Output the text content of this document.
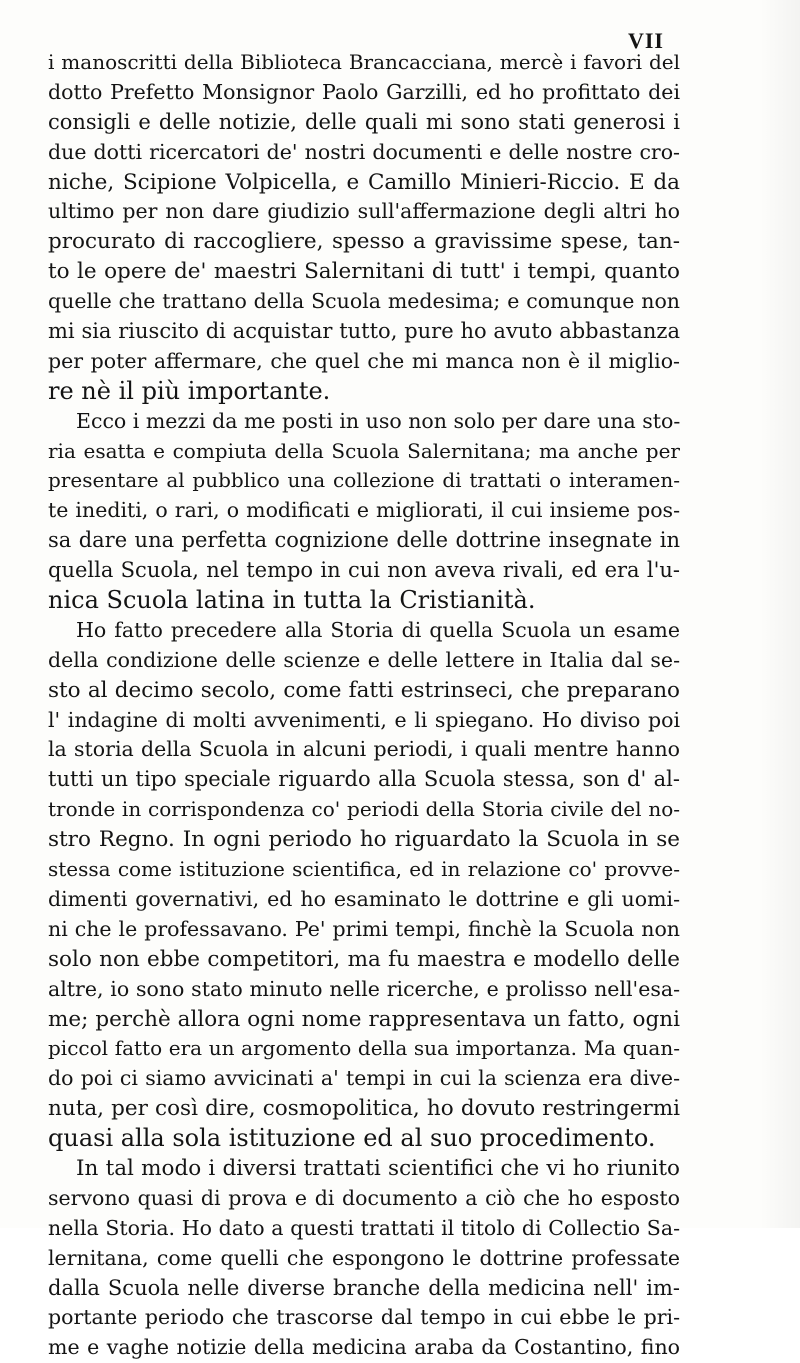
VII
i manoscritti della Biblioteca Brancacciana, mercè i favori del
dotto Prefetto Monsignor Paolo Garzilli, ed ho profittato dei
consigli e delle notizie, delle quali mi sono stati generosi i
due dotti ricercatori de' nostri documenti e delle nostre cro-
niche, Scipione Volpicella, e Camillo Minieri-Riccio. E da
ultimo per non dare giudizio sull'affermazione degli altri ho
procurato di raccogliere, spesso a gravissime spese, tan-
to le opere de' maestri Salernitani di tutt' i tempi, quanto
quelle che trattano della Scuola medesima; e comunque non
mi sia riuscito di acquistar tutto, pure ho avuto abbastanza
per poter affermare, che quel che mi manca non è il miglio-
re nè il più importante.
Ecco i mezzi da me posti in uso non solo per dare una sto-
ria esatta e compiuta della Scuola Salernitana; ma anche per
presentare al pubblico una collezione di trattati o interamen-
te inediti, o rari, o modificati e migliorati, il cui insieme pos-
sa dare una perfetta cognizione delle dottrine insegnate in
quella Scuola, nel tempo in cui non aveva rivali, ed era l'u-
nica Scuola latina in tutta la Cristianità.
Ho fatto precedere alla Storia di quella Scuola un esame
della condizione delle scienze e delle lettere in Italia dal se-
sto al decimo secolo, come fatti estrinseci, che preparano
l' indagine di molti avvenimenti, e li spiegano. Ho diviso poi
la storia della Scuola in alcuni periodi, i quali mentre hanno
tutti un tipo speciale riguardo alla Scuola stessa, son d' al-
tronde in corrispondenza co' periodi della Storia civile del no-
stro Regno. In ogni periodo ho riguardato la Scuola in se
stessa come istituzione scientifica, ed in relazione co' provve-
dimenti governativi, ed ho esaminato le dottrine e gli uomi-
ni che le professavano. Pe' primi tempi, finchè la Scuola non
solo non ebbe competitori, ma fu maestra e modello delle
altre, io sono stato minuto nelle ricerche, e prolisso nell'esa-
me; perchè allora ogni nome rappresentava un fatto, ogni
piccol fatto era un argomento della sua importanza. Ma quan-
do poi ci siamo avvicinati a' tempi in cui la scienza era dive-
nuta, per così dire, cosmopolitica, ho dovuto restringermi
quasi alla sola istituzione ed al suo procedimento.
In tal modo i diversi trattati scientifici che vi ho riunito
servono quasi di prova e di documento a ciò che ho esposto
nella Storia. Ho dato a questi trattati il titolo di Collectio Sa-
lernitana, come quelli che espongono le dottrine professate
dalla Scuola nelle diverse branche della medicina nell' im-
portante periodo che trascorse dal tempo in cui ebbe le pri-
me e vaghe notizie della medicina araba da Costantino, fino
